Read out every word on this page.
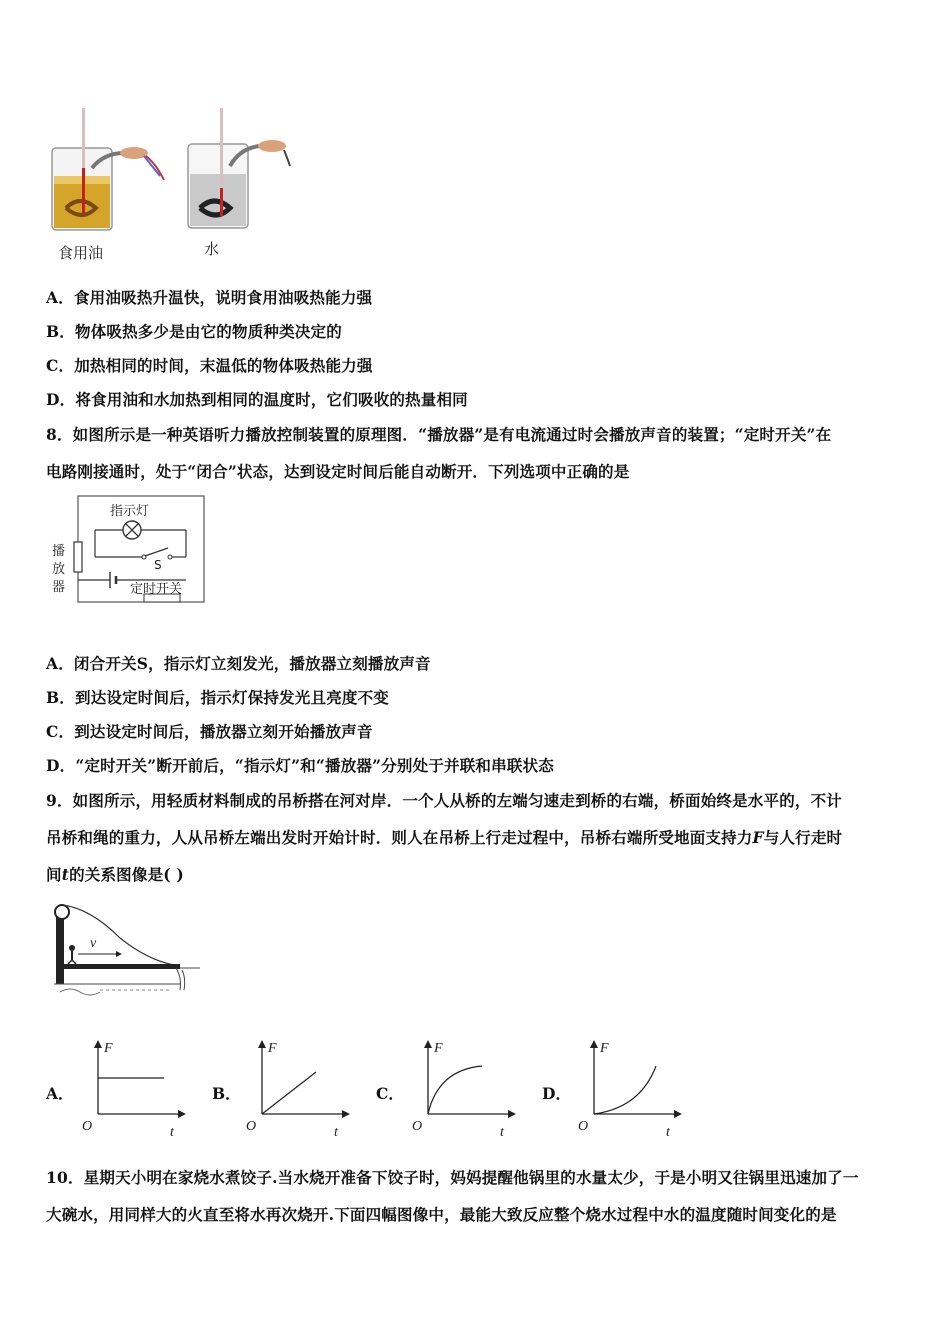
食用油	水
A．食用油吸热升温快，说明食用油吸热能力强
B．物体吸热多少是由它的物质种类决定的
C．加热相同的时间，末温低的物体吸热能力强
D．将食用油和水加热到相同的温度时，它们吸收的热量相同
8．如图所示是一种英语听力播放控制装置的原理图．“播放器”是有电流通过时会播放声音的装置；“定时开关”在
电路刚接通时，处于“闭合”状态，达到设定时间后能自动断开．下列选项中正确的是
指示灯
播
放
器
S
定时开关
A．闭合开关S，指示灯立刻发光，播放器立刻播放声音
B．到达设定时间后，指示灯保持发光且亮度不变
C．到达设定时间后，播放器立刻开始播放声音
D．“定时开关”断开前后，“指示灯”和“播放器”分别处于并联和串联状态
9．如图所示，用轻质材料制成的吊桥搭在河对岸．一个人从桥的左端匀速走到桥的右端，桥面始终是水平的，不计
吊桥和绳的重力，人从吊桥左端出发时开始计时．则人在吊桥上行走过程中，吊桥右端所受地面支持力F与人行走时
间t的关系图像是( )
v
A．	B．	C．	D．
F
t
O
F
t
O
F
t
O
F
t
O
10．星期天小明在家烧水煮饺子.当水烧开准备下饺子时，妈妈提醒他锅里的水量太少，于是小明又往锅里迅速加了一
大碗水，用同样大的火直至将水再次烧开.下面四幅图像中，最能大致反应整个烧水过程中水的温度随时间变化的是
